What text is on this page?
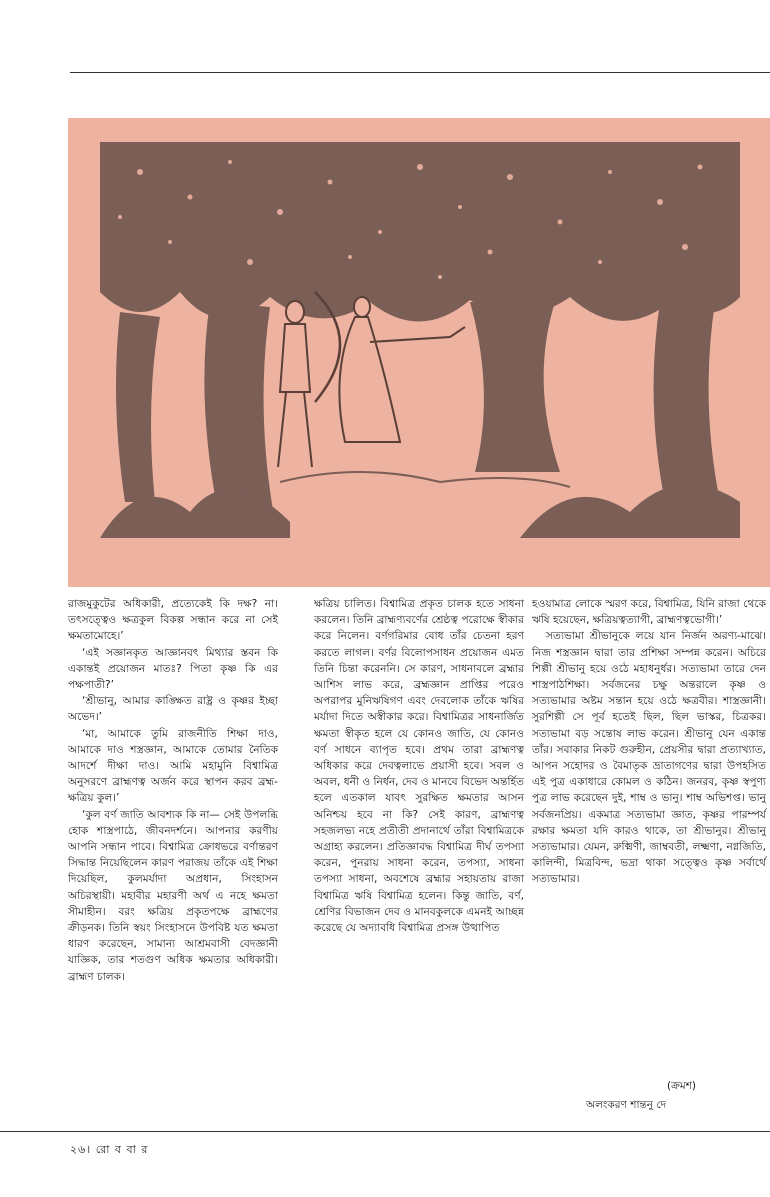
রাজমুকুটের অধিকারী, প্রত্যেকেই কি দক্ষ? না। তৎসত্ত্বেও ক্ষত্রকুল বিকল্প সন্ধান করে না সেই ক্ষমতামোহে।’

‘এই সজ্ঞানকৃত আজ্ঞানবৎ মিথ্যার স্তবন কি একান্তই প্রয়োজন মাতঃ? পিতা কৃষ্ণ কি এর পক্ষপাতী?’

‘শ্রীভানু, আমার কাঙ্ক্ষিত রাষ্ট্র ও কৃষ্ণর ইচ্ছা অভেদ।’

‘মা, আমাকে তুমি রাজনীতি শিক্ষা দাও, আমাকে দাও শস্ত্রজ্ঞান, আমাকে তোমার নৈতিক আদর্শে দীক্ষা দাও। আমি মহামুনি বিশ্বামিত্র অনুসরণে ব্রাহ্মণত্ব অর্জন করে স্থাপন করব ব্রহ্ম-ক্ষত্রিয় কুল।’

‘কুল বর্ণ জাতি আবশ্যক কি না— সেই উপলব্ধি হোক শাস্ত্রপাঠে, জীবনদর্শনে। আপনার করণীয় আপনি সন্ধান পাবে। বিশ্বামিত্র ক্রোধভরে বর্ণান্তরণ সিদ্ধান্ত নিয়েছিলেন কারণ পরাজয় তাঁকে এই শিক্ষা দিয়েছিল, কুলমর্যাদা অপ্রধান, সিংহাসন অচিরস্থায়ী। মহাবীর মহারণী অর্থ এ নহে ক্ষমতা সীমাহীন। বরং ক্ষত্রিয় প্রকৃতপক্ষে ব্রাহ্মণের ক্রীড়নক। তিনি স্বয়ং সিংহাসনে উপবিষ্ট যত ক্ষমতা ধারণ করেছেন, সামান্য আশ্রমবাসী বেদজ্ঞানী যাজ্ঞিক, তার শতগুণ অধিক ক্ষমতার অধিকারী। ব্রাহ্মণ চালক।

ক্ষত্রিয় চালিত। বিশ্বামিত্র প্রকৃত চালক হতে সাধনা করলেন। তিনি ব্রাহ্মণ্যবর্ণের শ্রেষ্ঠত্ব পরোক্ষে স্বীকার করে নিলেন। বর্ণগরিমার বোধ তাঁর চেতনা হরণ করতে লাগল। বর্ণর বিলোপসাধন প্রয়োজন এমত তিনি চিন্তা করেননি। সে কারণ, সাধনাবলে ব্রহ্মার আশিস লাভ করে, ব্রহ্মজ্ঞান প্রাপ্তির পরেও অপরাপর মুনিঋষিগণ এবং দেবলোক তাঁকে ঋষির মর্যাদা দিতে অস্বীকার করে। বিশ্বামিত্রর সাধনার্জিত ক্ষমতা স্বীকৃত হলে যে কোনও জাতি, যে কোনও বর্ণ সাধনে ব্যাপৃত হবে। প্রথম তারা ব্রাহ্মণত্ব অধিকার করে দেবত্বলাভে প্রয়াসী হবে। সবল ও অবল, ধনী ও নির্ধন, দেব ও মানবে বিভেদ অন্তর্হিত হলে এতকাল যাবৎ সুরক্ষিত ক্ষমতার আসন অনিশ্চয় হবে না কি? সেই কারণ, ব্রাহ্মণত্ব সহজলভ্য নহে প্রতীতী প্রদানার্থে তাঁরা বিশ্বামিত্রকে অগ্রাহ্য করলেন। প্রতিজ্ঞাবদ্ধ বিশ্বামিত্র দীর্ঘ তপস্যা করেন, পুনরায় সাধনা করেন, তপস্যা, সাধনা তপস্যা সাধনা, অবশেষে ব্রহ্মার সহায়তায় রাজা বিশ্বামিত্র ঋষি বিশ্বামিত্র হলেন। কিন্তু জাতি, বর্ণ, শ্রেণির বিভাজন দেব ও মানবকুলকে এমনই আচ্ছন্ন করেছে যে অদ্যাবধি বিশ্বামিত্র প্রসঙ্গ উত্থাপিত

হওয়ামাত্র লোকে স্মরণ করে, বিশ্বামিত্র, যিনি রাজা থেকে ঋষি হয়েছেন, ক্ষত্রিয়ত্বত্যাগী, ব্রাহ্মণত্বভোগী।’

সত্যভামা শ্রীভানুকে লয়ে যান নির্জন অরণ্য-মাঝে। নিজ শস্ত্রজ্ঞান দ্বারা তার প্রশিক্ষা সম্পন্ন করেন। অচিরে শিল্পী শ্রীভানু হয়ে ওঠে মহাধনুর্ধর। সত্যভামা তারে দেন শাস্ত্রপাঠশিক্ষা। সর্বজনের চক্ষু অন্তরালে কৃষ্ণ ও সত্যভামার অষ্টম সন্তান হয়ে ওঠে ক্ষত্রবীর। শাস্ত্রজ্ঞানী। সুরশিল্পী সে পূর্ব হতেই ছিল, ছিল ভাস্কর, চিত্রকর। সত্যভামা বড় সন্তোষ লাভ করেন। শ্রীভানু যেন একান্ত তাঁর। সবাকার নিকট গুরুহীন, প্রেয়সীর দ্বারা প্রত্যাখ্যাত, আপন সহোদর ও বৈমাতৃক ভ্রাতাগণের দ্বারা উপহসিত এই পুত্র একাধারে কোমল ও কঠিন। জনরব, কৃষ্ণ স্বপুণ্য পুত্র লাভ করেছেন দুই, শাম্ব ও ভানু। শাম্ব অভিশপ্ত। ভানু সর্বজনপ্রিয়। একমাত্র সত্যভামা জ্ঞাত, কৃষ্ণর পারম্পর্য রক্ষার ক্ষমতা যদি কারও থাকে, তা শ্রীভানুর। শ্রীভানু সত্যভামার। যেমন, রুক্মিণী, জাম্ববতী, লক্ষ্মণা, নগ্নজিতি, কালিন্দী, মিত্রবিন্দ, ভদ্রা থাকা সত্ত্বেও কৃষ্ণ সর্বার্থে সত্যভামার।

(ক্রমশ)
অলংকরণ শান্তনু দে
২৬। রো ব বা র
